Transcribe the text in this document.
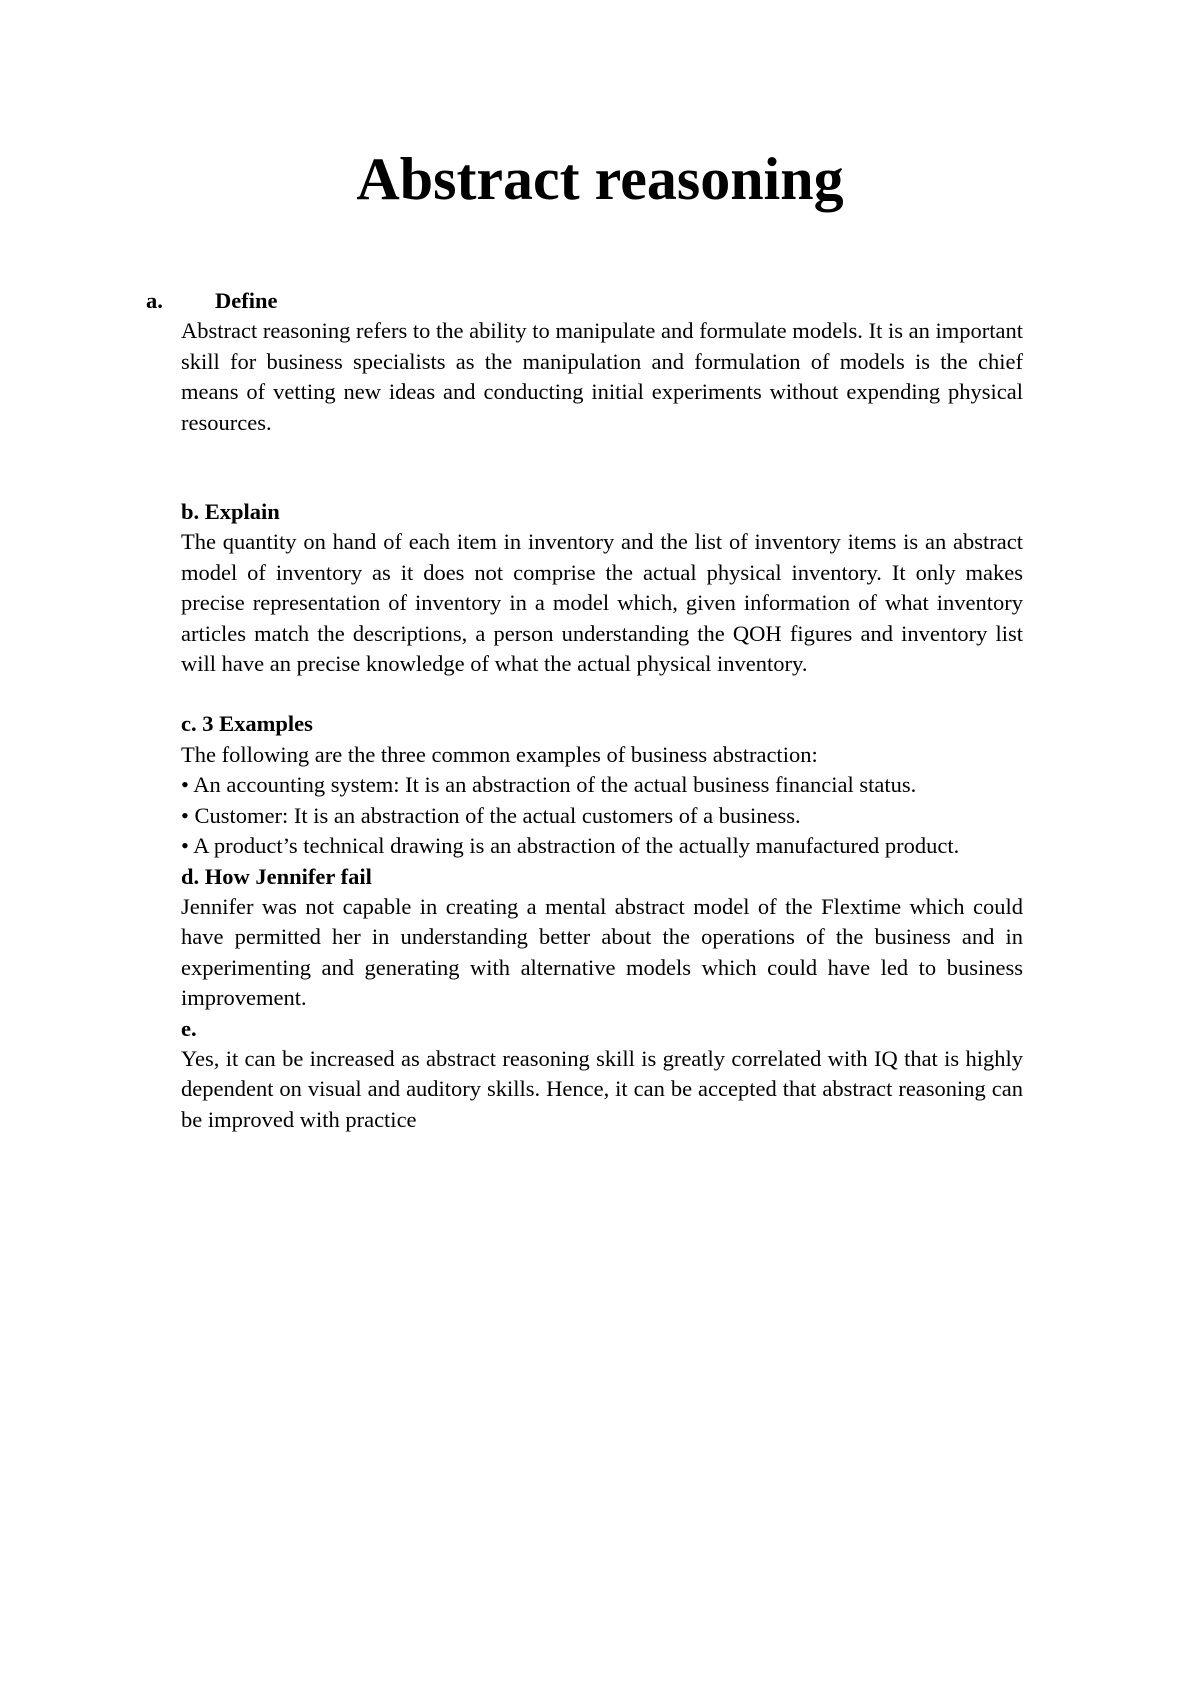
Abstract reasoning
a.	Define

Abstract reasoning refers to the ability to manipulate and formulate models. It is an important skill for business specialists as the manipulation and formulation of models is the chief means of vetting new ideas and conducting initial experiments without expending physical resources.

b. Explain

The quantity on hand of each item in inventory and the list of inventory items is an abstract model of inventory as it does not comprise the actual physical inventory. It only makes precise representation of inventory in a model which, given information of what inventory articles match the descriptions, a person understanding the QOH figures and inventory list will have an precise knowledge of what the actual physical inventory.

c. 3 Examples

The following are the three common examples of business abstraction:

• An accounting system: It is an abstraction of the actual business financial status.

• Customer: It is an abstraction of the actual customers of a business.

• A product’s technical drawing is an abstraction of the actually manufactured product.

d. How Jennifer fail

Jennifer was not capable in creating a mental abstract model of the Flextime which could have permitted her in understanding better about the operations of the business and in experimenting and generating with alternative models which could have led to business improvement.

e.

Yes, it can be increased as abstract reasoning skill is greatly correlated with IQ that is highly dependent on visual and auditory skills. Hence, it can be accepted that abstract reasoning can be improved with practice
